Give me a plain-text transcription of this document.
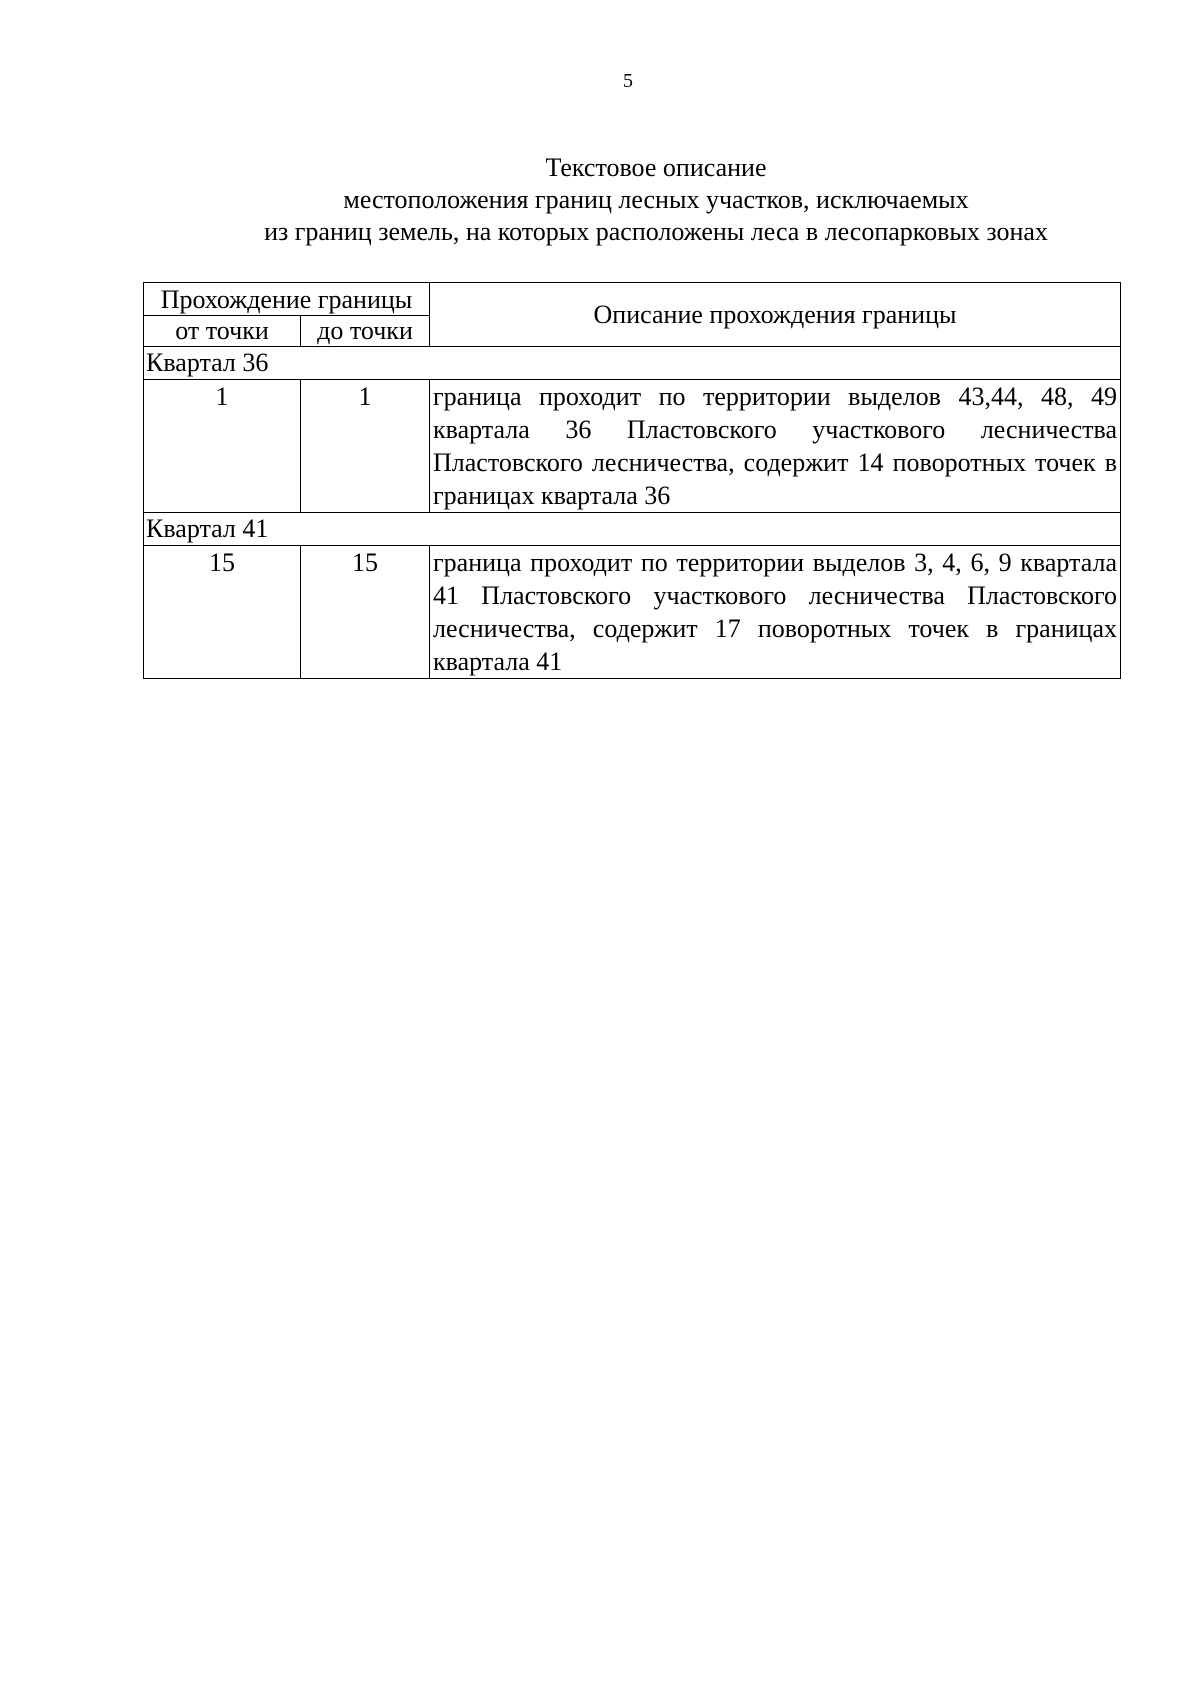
5
Текстовое описание
местоположения границ лесных участков, исключаемых
из границ земель, на которых расположены леса в лесопарковых зонах
Прохождение границы		Описание прохождения границы
от точки	до точки	
Квартал 36		
1	1	граница проходит по территории выделов 43,44, 48, 49 квартала 36 Пластовского участкового лесничества Пластовского лесничества, содержит 14 поворотных точек в границах квартала 36
Квартал 41		
15	15	граница проходит по территории выделов 3, 4, 6, 9 квартала 41 Пластовского участкового лесничества Пластовского лесничества, содержит 17 поворотных точек в границах квартала 41
